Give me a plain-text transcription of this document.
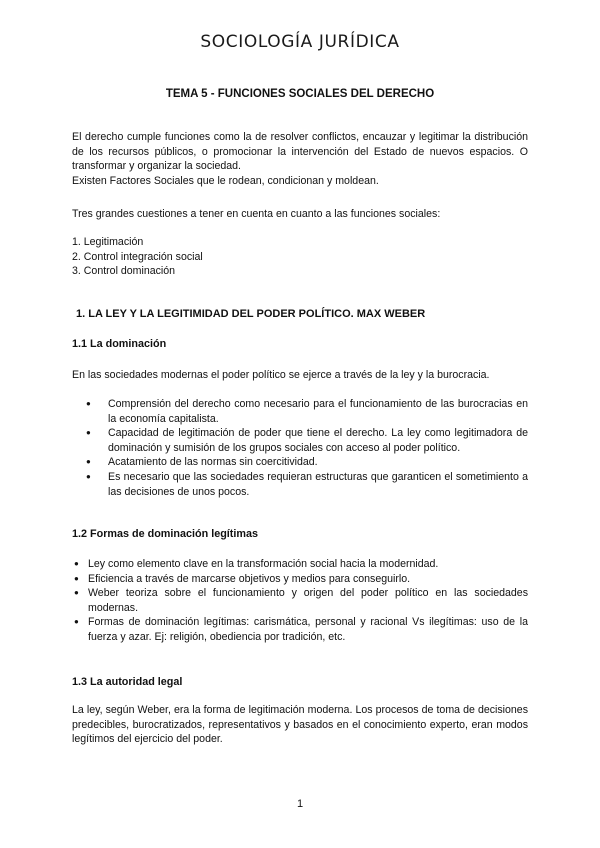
SOCIOLOGÍA JURÍDICA
TEMA 5 - FUNCIONES SOCIALES DEL DERECHO

El derecho cumple funciones como la de resolver conflictos, encauzar y legitimar la distribución de los recursos públicos, o promocionar la intervención del Estado de nuevos espacios. O transformar y organizar la sociedad.

Existen Factores Sociales que le rodean, condicionan y moldean.

Tres grandes cuestiones a tener en cuenta en cuanto a las funciones sociales:

1. Legitimación

2. Control integración social

3. Control dominación

1. LA LEY Y LA LEGITIMIDAD DEL PODER POLÍTICO. MAX WEBER

1.1 La dominación

En las sociedades modernas el poder político se ejerce a través de la ley y la burocracia.

● Comprensión del derecho como necesario para el funcionamiento de las burocracias en la economía capitalista.
● Capacidad de legitimación de poder que tiene el derecho. La ley como legitimadora de dominación y sumisión de los grupos sociales con acceso al poder político.
● Acatamiento de las normas sin coercitividad.
● Es necesario que las sociedades requieran estructuras que garanticen el sometimiento a las decisiones de unos pocos.

1.2 Formas de dominación legítimas

● Ley como elemento clave en la transformación social hacia la modernidad.
● Eficiencia a través de marcarse objetivos y medios para conseguirlo.
● Weber teoriza sobre el funcionamiento y origen del poder político en las sociedades modernas.
● Formas de dominación legítimas: carismática, personal y racional Vs ilegítimas: uso de la fuerza y azar. Ej: religión, obediencia por tradición, etc.

1.3 La autoridad legal

La ley, según Weber, era la forma de legitimación moderna. Los procesos de toma de decisiones predecibles, burocratizados, representativos y basados en el conocimiento experto, eran modos legítimos del ejercicio del poder.

1
